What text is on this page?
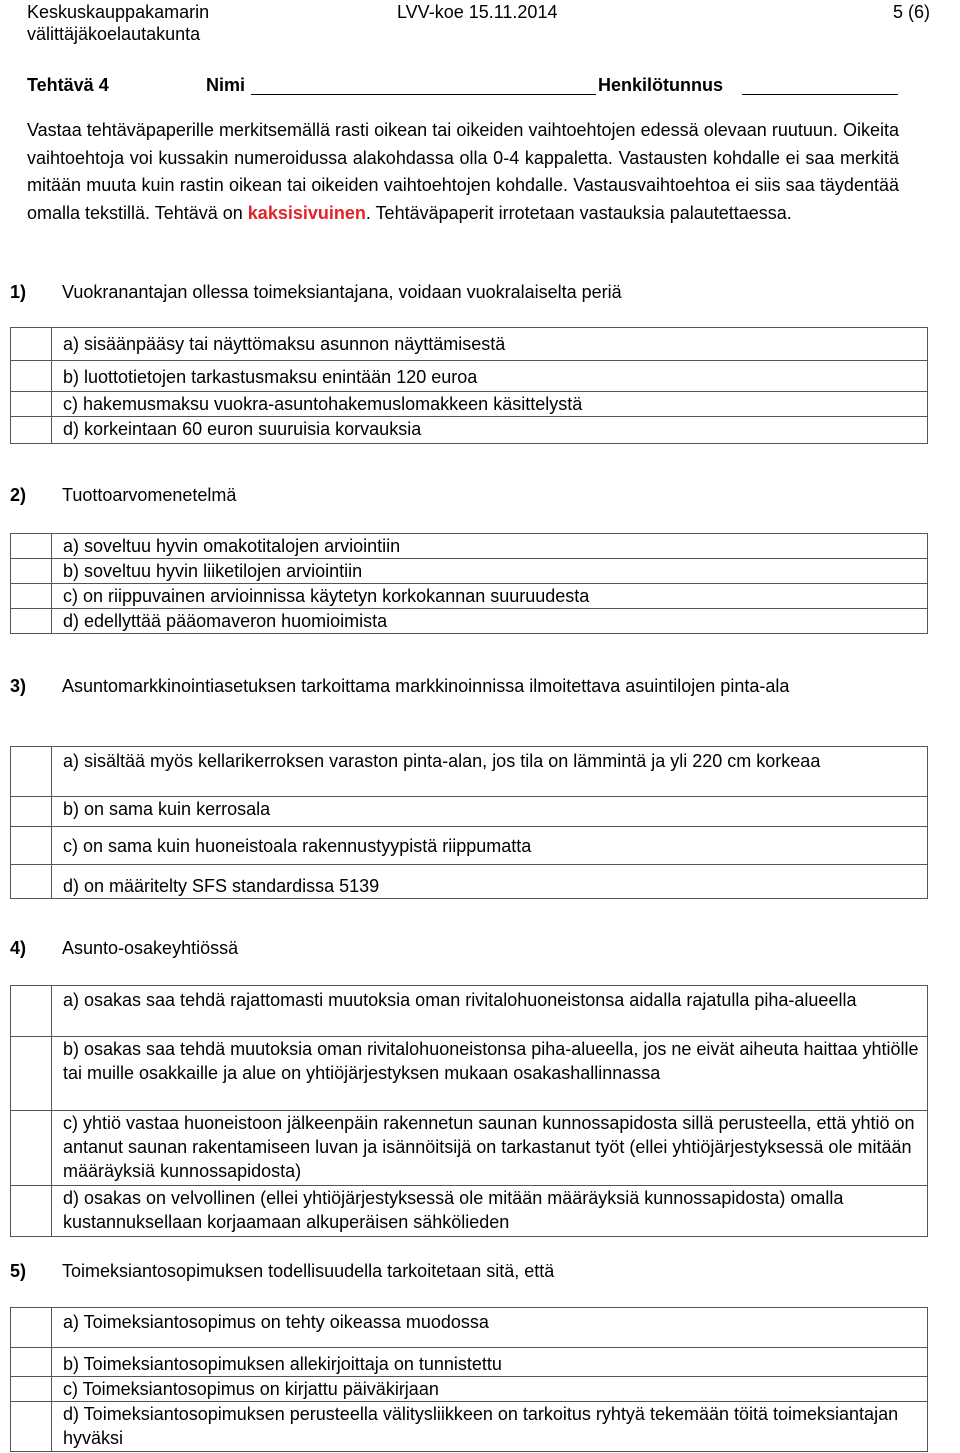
Keskuskauppakamarin
välittäjäkoelautakunta
LVV-koe 15.11.2014	5 (6)
Tehtävä 4	Nimi	Henkilötunnus
Vastaa tehtäväpaperille merkitsemällä rasti oikean tai oikeiden vaihtoehtojen edessä olevaan ruutuun. Oikeita vaihtoehtoja voi kussakin numeroidussa alakohdassa olla 0-4 kappaletta. Vastausten kohdalle ei saa merkitä mitään muuta kuin rastin oikean tai oikeiden vaihtoehtojen kohdalle. Vastausvaihtoehtoa ei siis saa täydentää omalla tekstillä. Tehtävä on kaksisivuinen. Tehtäväpaperit irrotetaan vastauksia palautettaessa.
1) Vuokranantajan ollessa toimeksiantajana, voidaan vuokralaiselta periä
	a) sisäänpääsy tai näyttömaksu asunnon näyttämisestä
	b) luottotietojen tarkastusmaksu enintään 120 euroa
	c) hakemusmaksu vuokra-asuntohakemuslomakkeen käsittelystä
	d) korkeintaan 60 euron suuruisia korvauksia
2) Tuottoarvomenetelmä
	a) soveltuu hyvin omakotitalojen arviointiin
	b) soveltuu hyvin liiketilojen arviointiin
	c) on riippuvainen arvioinnissa käytetyn korkokannan suuruudesta
	d) edellyttää pääomaveron huomioimista
3) Asuntomarkkinointiasetuksen tarkoittama markkinoinnissa ilmoitettava asuintilojen pinta-ala
	a) sisältää myös kellarikerroksen varaston pinta-alan, jos tila on lämmintä ja yli 220 cm korkeaa
	b) on sama kuin kerrosala
	c) on sama kuin huoneistoala rakennustyypistä riippumatta
	d) on määritelty SFS standardissa 5139
4) Asunto-osakeyhtiössä
	a) osakas saa tehdä rajattomasti muutoksia oman rivitalohuoneistonsa aidalla rajatulla piha-alueella
	b) osakas saa tehdä muutoksia oman rivitalohuoneistonsa piha-alueella, jos ne eivät aiheuta haittaa yhtiölle tai muille osakkaille ja alue on yhtiöjärjestyksen mukaan osakashallinnassa
	c) yhtiö vastaa huoneistoon jälkeenpäin rakennetun saunan kunnossapidosta sillä perusteella, että yhtiö on antanut saunan rakentamiseen luvan ja isännöitsijä on tarkastanut työt (ellei yhtiöjärjestyksessä ole mitään määräyksiä kunnossapidosta)
	d) osakas on velvollinen (ellei yhtiöjärjestyksessä ole mitään määräyksiä kunnossapidosta) omalla kustannuksellaan korjaamaan alkuperäisen sähkölieden
5) Toimeksiantosopimuksen todellisuudella tarkoitetaan sitä, että
	a) Toimeksiantosopimus on tehty oikeassa muodossa
	b) Toimeksiantosopimuksen allekirjoittaja on tunnistettu
	c) Toimeksiantosopimus on kirjattu päiväkirjaan
	d) Toimeksiantosopimuksen perusteella välitysliikkeen on tarkoitus ryhtyä tekemään töitä toimeksiantajan hyväksi
